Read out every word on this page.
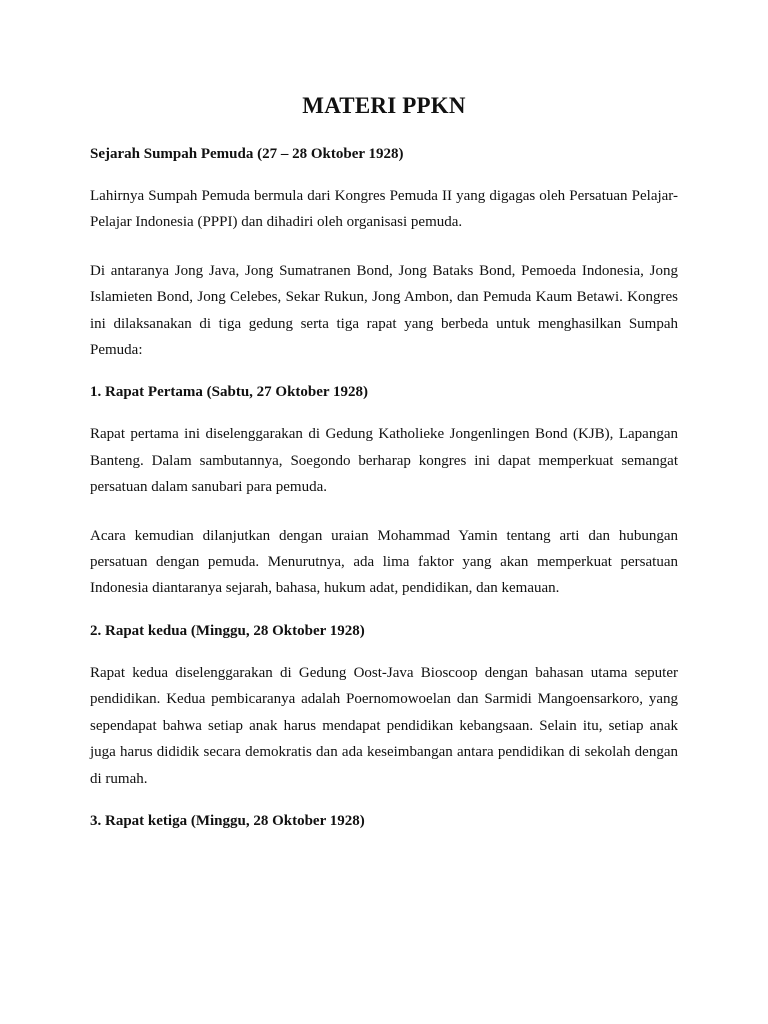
MATERI PPKN

Sejarah Sumpah Pemuda (27 – 28 Oktober 1928)

Lahirnya Sumpah Pemuda bermula dari Kongres Pemuda II yang digagas oleh Persatuan Pelajar-Pelajar Indonesia (PPPI) dan dihadiri oleh organisasi pemuda.

Di antaranya Jong Java, Jong Sumatranen Bond, Jong Bataks Bond, Pemoeda Indonesia, Jong Islamieten Bond, Jong Celebes, Sekar Rukun, Jong Ambon, dan Pemuda Kaum Betawi. Kongres ini dilaksanakan di tiga gedung serta tiga rapat yang berbeda untuk menghasilkan Sumpah Pemuda:

1. Rapat Pertama (Sabtu, 27 Oktober 1928)

Rapat pertama ini diselenggarakan di Gedung Katholieke Jongenlingen Bond (KJB), Lapangan Banteng. Dalam sambutannya, Soegondo berharap kongres ini dapat memperkuat semangat persatuan dalam sanubari para pemuda.

Acara kemudian dilanjutkan dengan uraian Mohammad Yamin tentang arti dan hubungan persatuan dengan pemuda. Menurutnya, ada lima faktor yang akan memperkuat persatuan Indonesia diantaranya sejarah, bahasa, hukum adat, pendidikan, dan kemauan.

2. Rapat kedua (Minggu, 28 Oktober 1928)

Rapat kedua diselenggarakan di Gedung Oost-Java Bioscoop dengan bahasan utama seputer pendidikan. Kedua pembicaranya adalah Poernomowoelan dan Sarmidi Mangoensarkoro, yang sependapat bahwa setiap anak harus mendapat pendidikan kebangsaan. Selain itu, setiap anak juga harus dididik secara demokratis dan ada keseimbangan antara pendidikan di sekolah dengan di rumah.

3. Rapat ketiga (Minggu, 28 Oktober 1928)
